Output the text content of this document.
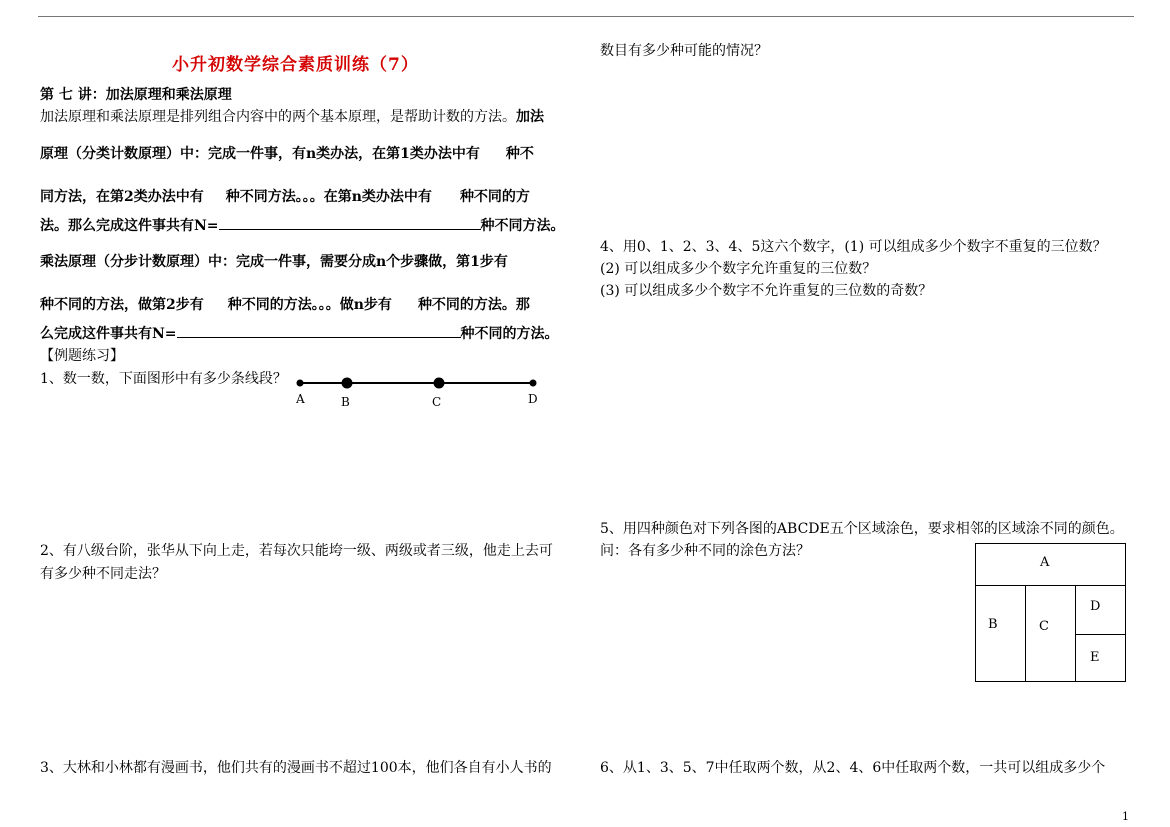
小升初数学综合素质训练（7）
第 七 讲：加法原理和乘法原理
加法原理和乘法原理是排列组合内容中的两个基本原理，是帮助计数的方法。加法
原理（分类计数原理）中：完成一件事，有n类办法，在第1类办法中有 种不
同方法，在第2类办法中有 种不同方法。。。在第n类办法中有 种不同的方
法。那么完成这件事共有N=	种不同方法。
乘法原理（分步计数原理）中：完成一件事，需要分成n个步骤做，第1步有
种不同的方法，做第2步有 种不同的方法。。。做n步有 种不同的方法。那
么完成这件事共有N=	种不同的方法。
【例题练习】
1、数一数，下面图形中有多少条线段？
A	B	C	D
2、有八级台阶，张华从下向上走，若每次只能垮一级、两级或者三级，他走上去可
有多少种不同走法？
3、大林和小林都有漫画书，他们共有的漫画书不超过100本，他们各自有小人书的
数目有多少种可能的情况？
4、用0、1、2、3、4、5这六个数字，(1) 可以组成多少个数字不重复的三位数？
(2) 可以组成多少个数字允许重复的三位数？
(3) 可以组成多少个数字不允许重复的三位数的奇数？
5、用四种颜色对下列各图的ABCDE五个区域涂色，要求相邻的区域涂不同的颜色。
问：各有多少种不同的涂色方法？
A
B	C
D
E
6、从1、3、5、7中任取两个数，从2、4、6中任取两个数，一共可以组成多少个
1
